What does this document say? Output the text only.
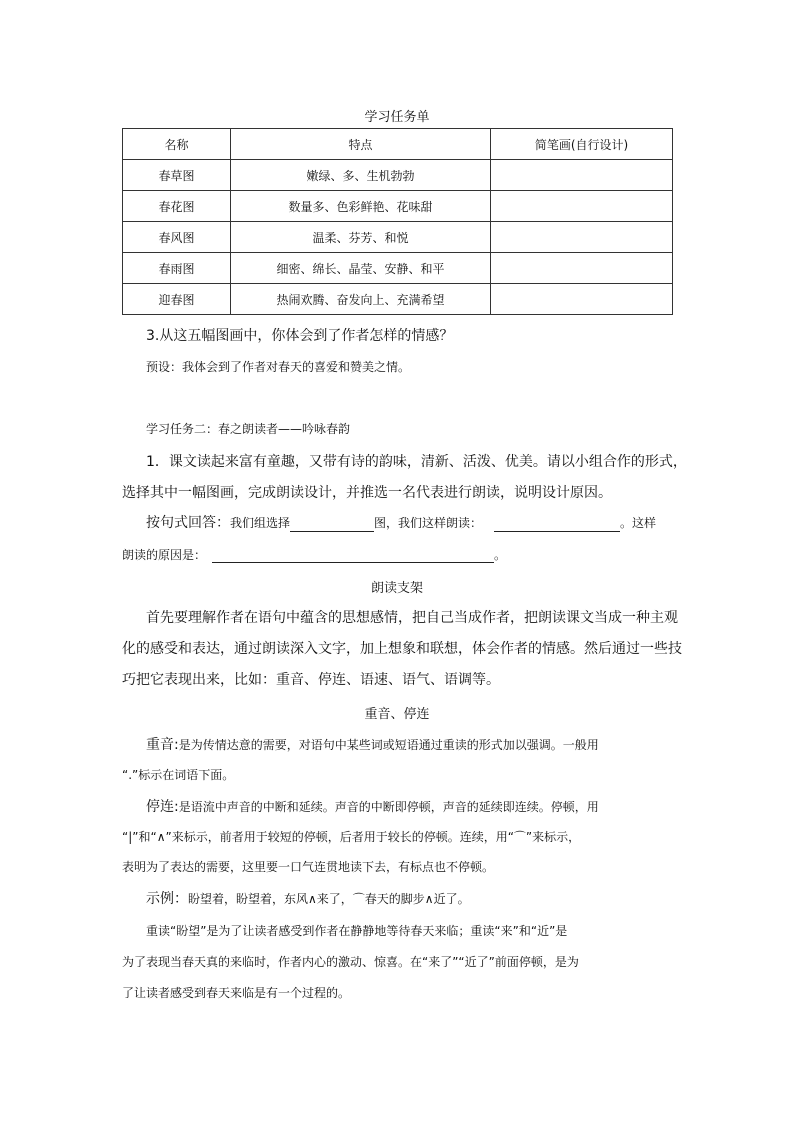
学习任务单
名称	特点	简笔画(自行设计)
春草图	嫩绿、多、生机勃勃	
春花图	数量多、色彩鲜艳、花味甜	
春风图	温柔、芬芳、和悦	
春雨图	细密、绵长、晶莹、安静、和平	
迎春图	热闹欢腾、奋发向上、充满希望	
3.从这五幅图画中，你体会到了作者怎样的情感？
预设：我体会到了作者对春天的喜爱和赞美之情。
学习任务二：春之朗读者——吟咏春韵
1．课文读起来富有童趣，又带有诗的韵味，清新、活泼、优美。请以小组合作的形式，
选择其中一幅图画，完成朗读设计，并推选一名代表进行朗读，说明设计原因。
按句式回答：我们组选择	图，我们这样朗读：	。这样
朗读的原因是：	。
朗读支架
首先要理解作者在语句中蕴含的思想感情，把自己当成作者，把朗读课文当成一种主观
化的感受和表达，通过朗读深入文字，加上想象和联想，体会作者的情感。然后通过一些技
巧把它表现出来，比如：重音、停连、语速、语气、语调等。
重音、停连
重音:是为传情达意的需要，对语句中某些词或短语通过重读的形式加以强调。一般用
“.”标示在词语下面。
停连:是语流中声音的中断和延续。声音的中断即停顿，声音的延续即连续。停顿，用
“|”和“∧”来标示，前者用于较短的停顿，后者用于较长的停顿。连续，用“⌒”来标示，
表明为了表达的需要，这里要一口气连贯地读下去，有标点也不停顿。
示例：盼望着，盼望着，东风∧来了，⌒春天的脚步∧近了。
重读“盼望”是为了让读者感受到作者在静静地等待春天来临；重读“来”和“近”是
为了表现当春天真的来临时，作者内心的激动、惊喜。在“来了”“近了”前面停顿，是为
了让读者感受到春天来临是有一个过程的。
